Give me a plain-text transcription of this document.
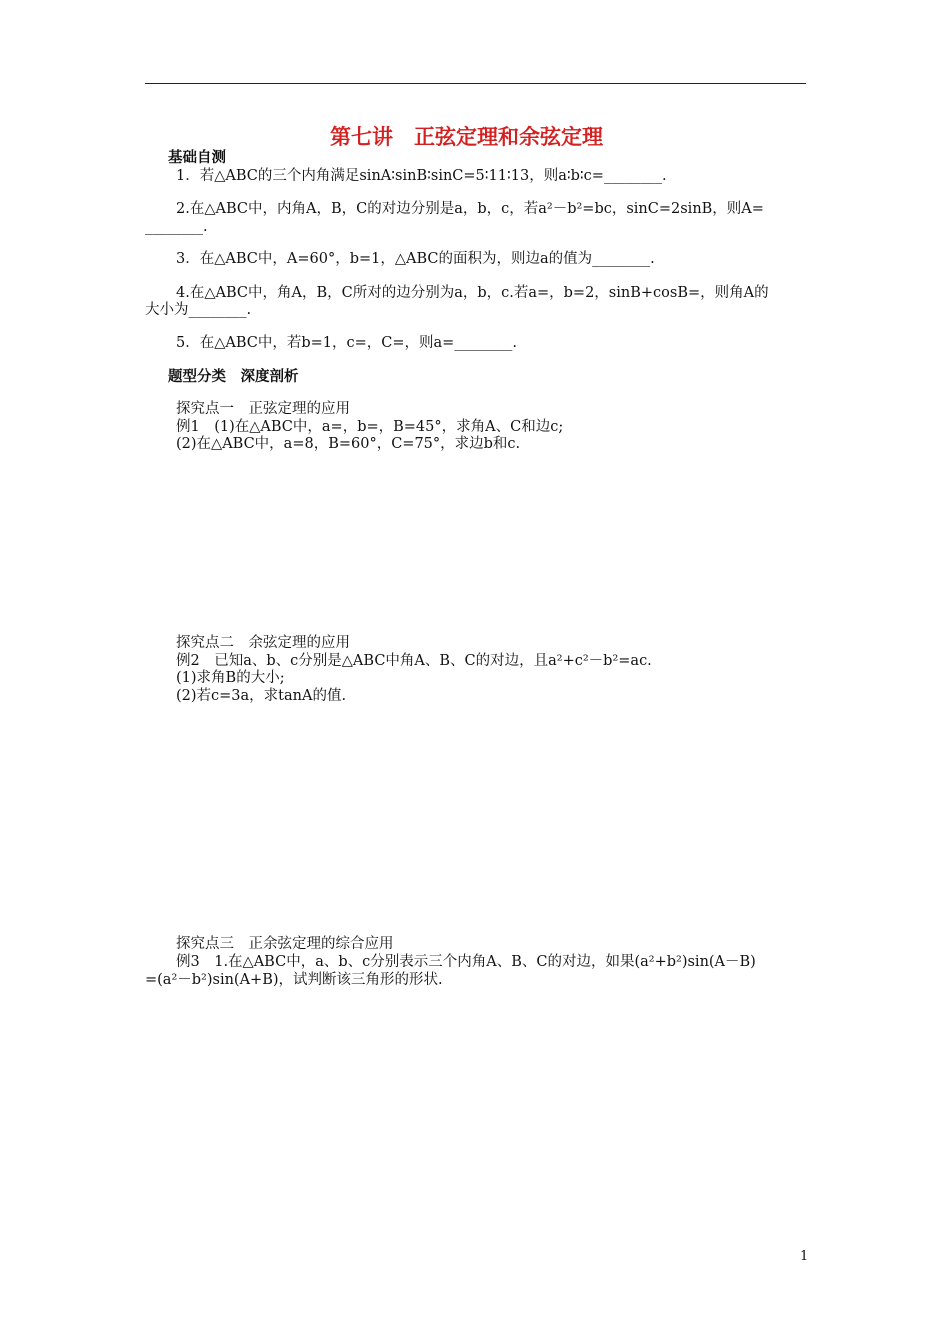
第七讲　正弦定理和余弦定理
基础自测
1．若△ABC的三个内角满足sinA∶sinB∶sinC=5∶11∶13，则a∶b∶c=________.
2.在△ABC中，内角A，B，C的对边分别是a，b，c，若a²－b²=bc，sinC=2sinB，则A=
________.
3．在△ABC中，A=60°，b=1，△ABC的面积为，则边a的值为________.
4.在△ABC中，角A，B，C所对的边分别为a，b，c.若a=，b=2，sinB+cosB=，则角A的
大小为________.
5．在△ABC中，若b=1，c=，C=，则a=________.
题型分类　深度剖析
探究点一　正弦定理的应用
例1　(1)在△ABC中，a=，b=，B=45°，求角A、C和边c;
(2)在△ABC中，a=8，B=60°，C=75°，求边b和c.
探究点二　余弦定理的应用
例2　已知a、b、c分别是△ABC中角A、B、C的对边，且a²+c²－b²=ac.
(1)求角B的大小;
(2)若c=3a，求tanA的值.
探究点三　正余弦定理的综合应用
例3　1.在△ABC中，a、b、c分别表示三个内角A、B、C的对边，如果(a²+b²)sin(A－B)
=(a²－b²)sin(A+B)，试判断该三角形的形状.
1
